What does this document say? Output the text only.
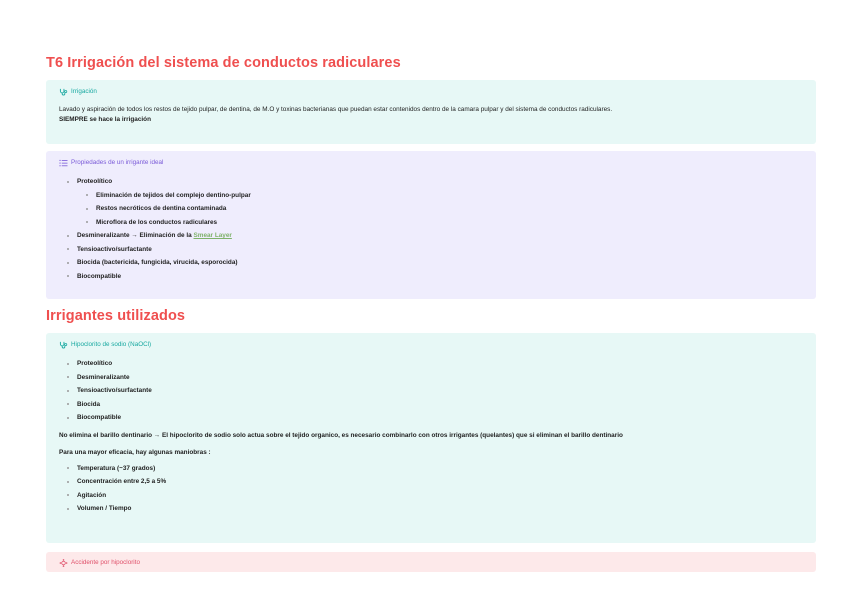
T6 Irrigación del sistema de conductos radiculares
Irrigación

Lavado y aspiración de todos los restos de tejido pulpar, de dentina, de M.O y toxinas bacterianas que puedan estar contenidos dentro de la camara pulpar y del sistema de conductos radiculares.

SIEMPRE se hace la irrigación

Propiedades de un irrigante ideal
Proteolítico
Eliminación de tejidos del complejo dentino-pulpar
Restos necróticos de dentina contaminada
Microflora de los conductos radiculares
Desmineralizante → Eliminación de la Smear Layer
Tensioactivo/surfactante
Biocida (bactericida, fungicida, virucida, esporocida)
Biocompatible
Irrigantes utilizados
Hipoclorito de sodio (NaOCl)
Proteolítico
Desmineralizante
Tensioactivo/surfactante
Biocida
Biocompatible

No elimina el barillo dentinario → El hipoclorito de sodio solo actua sobre el tejido organico, es necesario combinarlo con otros irrigantes (quelantes) que si eliminan el barillo dentinario

Para una mayor eficacia, hay algunas maniobras :

Temperatura (~37 grados)
Concentración entre 2,5 a 5%
Agitación
Volumen / Tiempo
Accidente por hipoclorito
